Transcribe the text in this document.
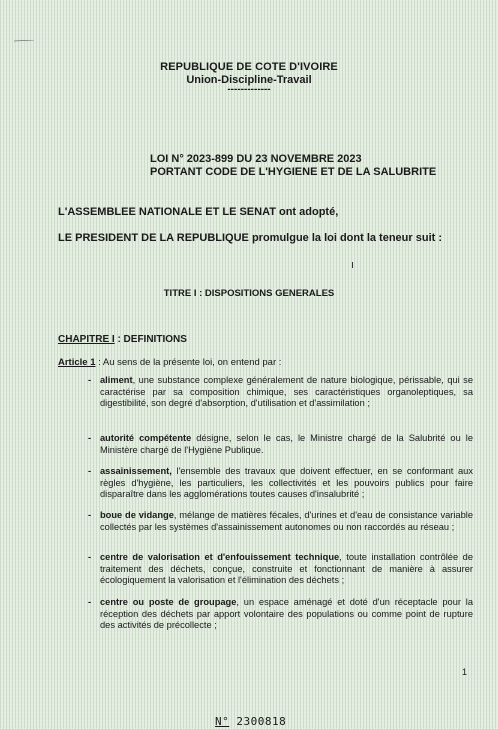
REPUBLIQUE DE COTE D'IVOIRE
Union-Discipline-Travail
-------------
LOI N° 2023-899 DU 23 NOVEMBRE 2023
PORTANT CODE DE L'HYGIENE ET DE LA SALUBRITE
L'ASSEMBLEE NATIONALE ET LE SENAT ont adopté,
LE PRESIDENT DE LA REPUBLIQUE promulgue la loi dont la teneur suit :
TITRE I : DISPOSITIONS GENERALES
CHAPITRE I : DEFINITIONS
Article 1 : Au sens de la présente loi, on entend par :
- aliment, une substance complexe généralement de nature biologique, périssable, qui se caractérise par sa composition chimique, ses caractéristiques organoleptiques, sa digestibilité, son degré d'absorption, d'utilisation et d'assimilation ;
- autorité compétente désigne, selon le cas, le Ministre chargé de la Salubrité ou le Ministère chargé de l'Hygiène Publique.
- assainissement, l'ensemble des travaux que doivent effectuer, en se conformant aux règles d'hygiène, les particuliers, les collectivités et les pouvoirs publics pour faire disparaître dans les agglomérations toutes causes d'insalubrité ;
- boue de vidange, mélange de matières fécales, d'urines et d'eau de consistance variable collectés par les systèmes d'assainissement autonomes ou non raccordés au réseau ;
- centre de valorisation et d'enfouissement technique, toute installation contrôlée de traitement des déchets, conçue, construite et fonctionnant de manière à assurer écologiquement la valorisation et l'élimination des déchets ;
- centre ou poste de groupage, un espace aménagé et doté d'un réceptacle pour la réception des déchets par apport volontaire des populations ou comme point de rupture des activités de précollecte ;
1
N° 2300818
